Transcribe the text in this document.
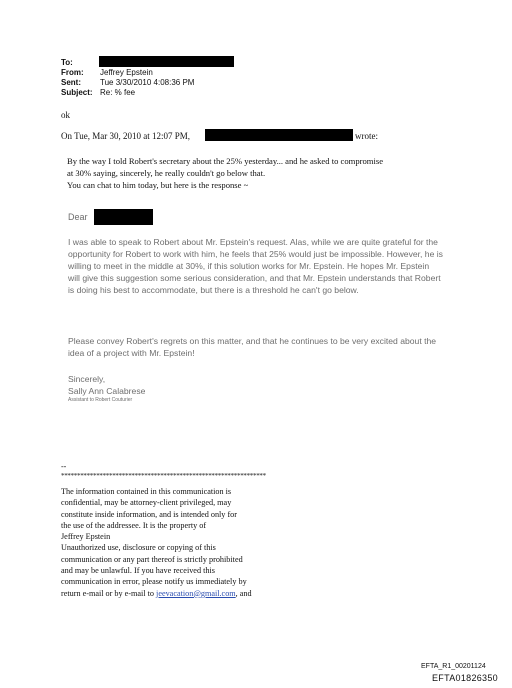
To:
From:	Jeffrey Epstein
Sent:	Tue 3/30/2010 4:08:36 PM
Subject: Re: % fee
ok
On Tue, Mar 30, 2010 at 12:07 PM,	wrote:
By the way I told Robert's secretary about the 25% yesterday... and he asked to compromise
at 30% saying, sincerely, he really couldn't go below that.
You can chat to him today, but here is the response ~
Dear
I was able to speak to Robert about Mr. Epstein's request. Alas, while we are quite grateful for the opportunity for Robert to work with him, he feels that 25% would just be impossible. However, he is willing to meet in the middle at 30%, if this solution works for Mr. Epstein. He hopes Mr. Epstein will give this suggestion some serious consideration, and that Mr. Epstein understands that Robert is doing his best to accommodate, but there is a threshold he can't go below.
Please convey Robert's regrets on this matter, and that he continues to be very excited about the idea of a project with Mr. Epstein!
Sincerely,
Sally Ann Calabrese
Assistant to Robert Couturier
--
****************************************************************
The information contained in this communication is
confidential, may be attorney-client privileged, may
constitute inside information, and is intended only for
the use of the addressee. It is the property of
Jeffrey Epstein
Unauthorized use, disclosure or copying of this
communication or any part thereof is strictly prohibited
and may be unlawful. If you have received this
communication in error, please notify us immediately by
return e-mail or by e-mail to jeevacation@gmail.com, and
EFTA_R1_00201124
EFTA01826350
